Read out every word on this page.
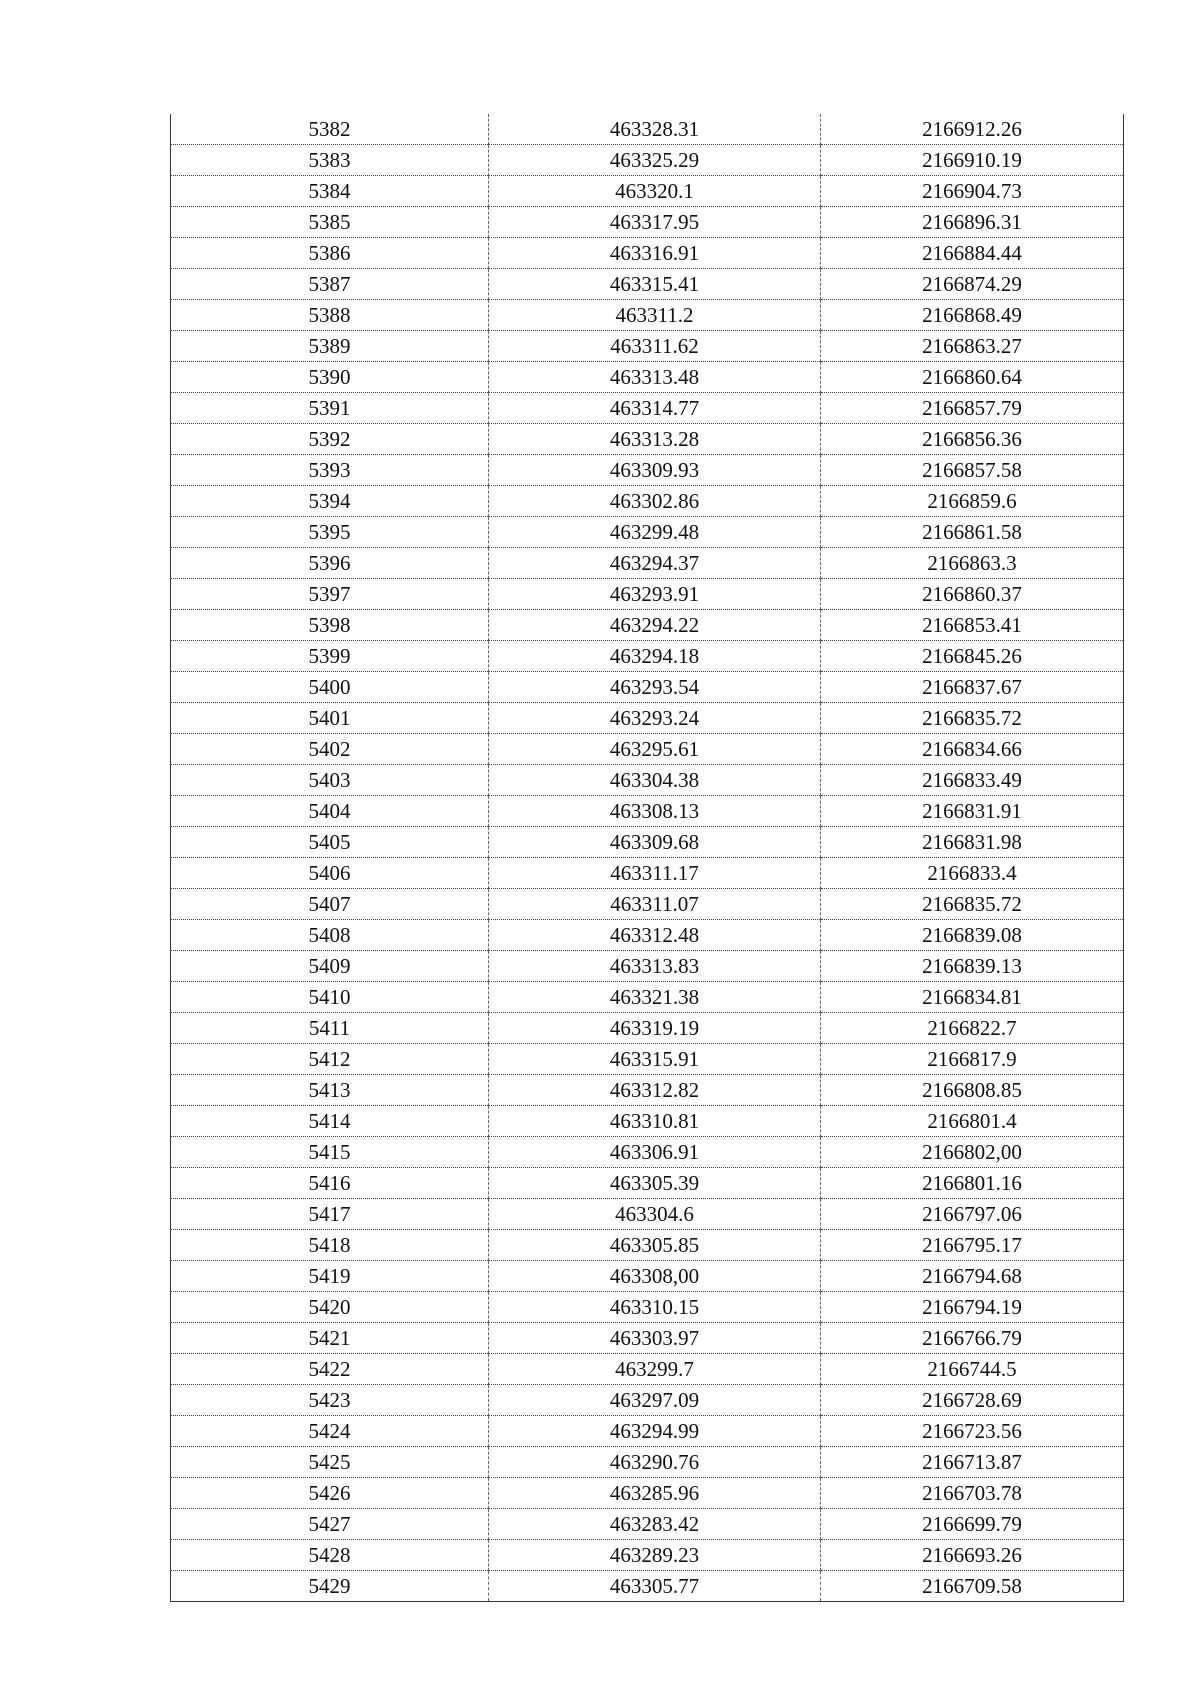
5382	463328.31	2166912.26
5383	463325.29	2166910.19
5384	463320.1	2166904.73
5385	463317.95	2166896.31
5386	463316.91	2166884.44
5387	463315.41	2166874.29
5388	463311.2	2166868.49
5389	463311.62	2166863.27
5390	463313.48	2166860.64
5391	463314.77	2166857.79
5392	463313.28	2166856.36
5393	463309.93	2166857.58
5394	463302.86	2166859.6
5395	463299.48	2166861.58
5396	463294.37	2166863.3
5397	463293.91	2166860.37
5398	463294.22	2166853.41
5399	463294.18	2166845.26
5400	463293.54	2166837.67
5401	463293.24	2166835.72
5402	463295.61	2166834.66
5403	463304.38	2166833.49
5404	463308.13	2166831.91
5405	463309.68	2166831.98
5406	463311.17	2166833.4
5407	463311.07	2166835.72
5408	463312.48	2166839.08
5409	463313.83	2166839.13
5410	463321.38	2166834.81
5411	463319.19	2166822.7
5412	463315.91	2166817.9
5413	463312.82	2166808.85
5414	463310.81	2166801.4
5415	463306.91	2166802,00
5416	463305.39	2166801.16
5417	463304.6	2166797.06
5418	463305.85	2166795.17
5419	463308,00	2166794.68
5420	463310.15	2166794.19
5421	463303.97	2166766.79
5422	463299.7	2166744.5
5423	463297.09	2166728.69
5424	463294.99	2166723.56
5425	463290.76	2166713.87
5426	463285.96	2166703.78
5427	463283.42	2166699.79
5428	463289.23	2166693.26
5429	463305.77	2166709.58
